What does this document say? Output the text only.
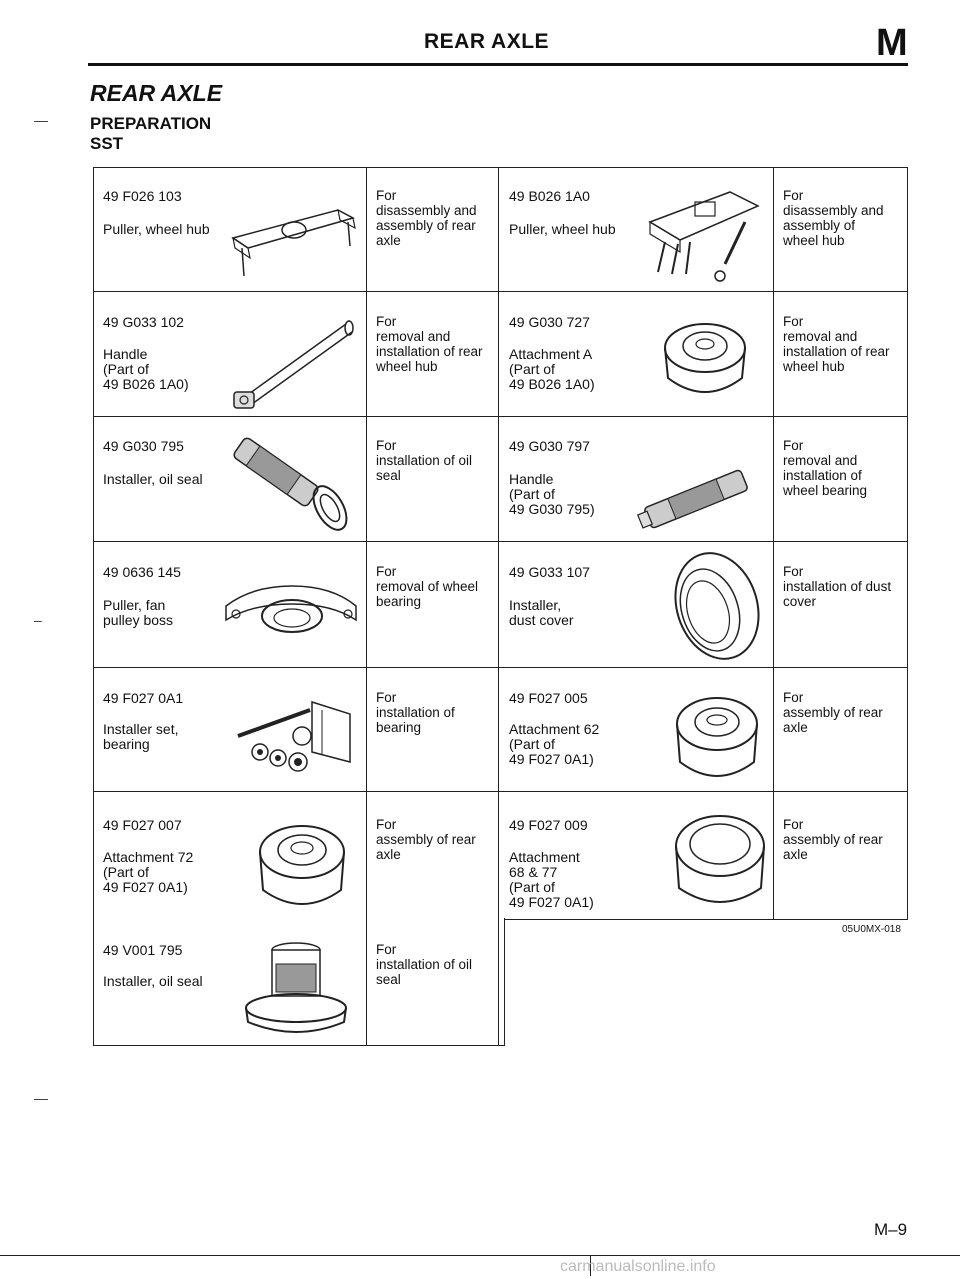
REAR AXLE	M
REAR AXLE
PREPARATION
SST
—
–
—
49 F026 103
Puller, wheel hub
For
disassembly and
assembly of rear
axle
49 B026 1A0
Puller, wheel hub
For
disassembly and
assembly of
wheel hub
49 G033 102
Handle
(Part of
49 B026 1A0)
For
removal and
installation of rear
wheel hub
49 G030 727
Attachment A
(Part of
49 B026 1A0)
For
removal and
installation of rear
wheel hub
49 G030 795
Installer, oil seal
For
installation of oil
seal
49 G030 797
Handle
(Part of
49 G030 795)
For
removal and
installation of
wheel bearing
49 0636 145
Puller, fan
pulley boss
For
removal of wheel
bearing
49 G033 107
Installer,
dust cover
For
installation of dust
cover
49 F027 0A1
Installer set,
bearing
For
installation of
bearing
49 F027 005
Attachment 62
(Part of
49 F027 0A1)
For
assembly of rear
axle
49 F027 007
Attachment 72
(Part of
49 F027 0A1)
For
assembly of rear
axle
49 F027 009
Attachment
68 & 77
(Part of
49 F027 0A1)
For
assembly of rear
axle
05U0MX-018
49 V001 795
Installer, oil seal
For
installation of oil
seal
M–9
carmanualsonline.info
